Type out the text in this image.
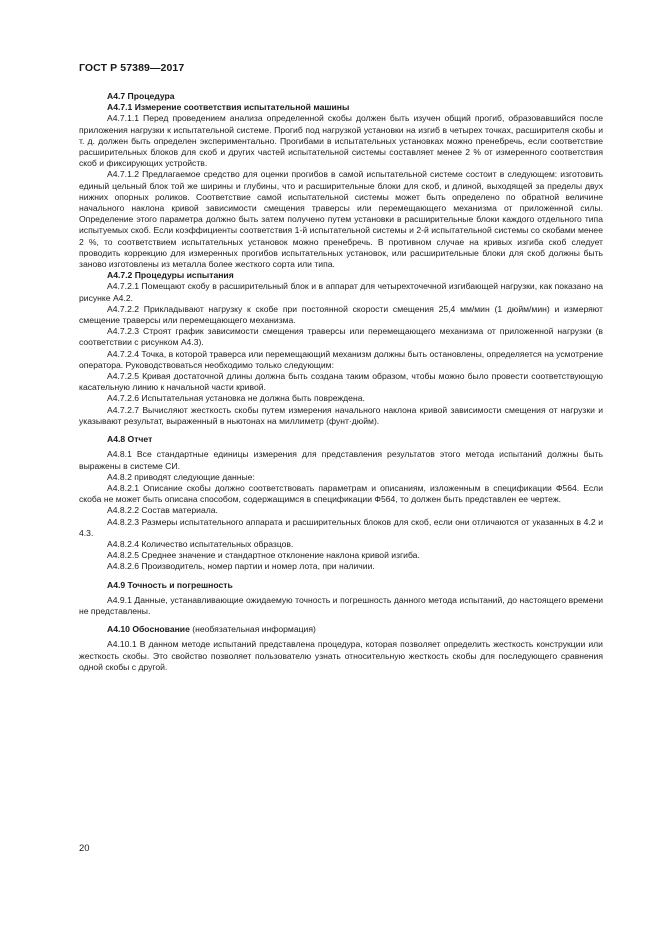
ГОСТ Р 57389—2017

А4.7 Процедура

А4.7.1 Измерение соответствия испытательной машины

А4.7.1.1 Перед проведением анализа определенной скобы должен быть изучен общий прогиб, образовавшийся после приложения нагрузки к испытательной системе. Прогиб под нагрузкой установки на изгиб в четырех точках, расширителя скобы и т. д. должен быть определен экспериментально. Прогибами в испытательных установках можно пренебречь, если соответствие расширительных блоков для скоб и других частей испытательной системы составляет менее 2 % от измеренного соответствия скоб и фиксирующих устройств.

А4.7.1.2 Предлагаемое средство для оценки прогибов в самой испытательной системе состоит в следующем: изготовить единый цельный блок той же ширины и глубины, что и расширительные блоки для скоб, и длиной, выходящей за пределы двух нижних опорных роликов. Соответствие самой испытательной системы может быть определено по обратной величине начального наклона кривой зависимости смещения траверсы или перемещающего механизма от приложенной силы. Определение этого параметра должно быть затем получено путем установки в расширительные блоки каждого отдельного типа испытуемых скоб. Если коэффициенты соответствия 1-й испытательной системы и 2-й испытательной системы со скобами менее 2 %, то соответствием испытательных установок можно пренебречь. В противном случае на кривых изгиба скоб следует проводить коррекцию для измеренных прогибов испытательных установок, или расширительные блоки для скоб должны быть заново изготовлены из металла более жесткого сорта или типа.

А4.7.2 Процедуры испытания

А4.7.2.1 Помещают скобу в расширительный блок и в аппарат для четырехточечной изгибающей нагрузки, как показано на рисунке А4.2.

А4.7.2.2 Прикладывают нагрузку к скобе при постоянной скорости смещения 25,4 мм/мин (1 дюйм/мин) и измеряют смещение траверсы или перемещающего механизма.

А4.7.2.3 Строят график зависимости смещения траверсы или перемещающего механизма от приложенной нагрузки (в соответствии с рисунком А4.3).

А4.7.2.4 Точка, в которой траверса или перемещающий механизм должны быть остановлены, определяется на усмотрение оператора. Руководствоваться необходимо только следующим:

А4.7.2.5 Кривая достаточной длины должна быть создана таким образом, чтобы можно было провести соответствующую касательную линию к начальной части кривой.

А4.7.2.6 Испытательная установка не должна быть повреждена.

А4.7.2.7 Вычисляют жесткость скобы путем измерения начального наклона кривой зависимости смещения от нагрузки и указывают результат, выраженный в ньютонах на миллиметр (фунт·дюйм).

А4.8 Отчет

А4.8.1 Все стандартные единицы измерения для представления результатов этого метода испытаний должны быть выражены в системе СИ.

А4.8.2 приводят следующие данные:

А4.8.2.1 Описание скобы должно соответствовать параметрам и описаниям, изложенным в спецификации Ф564. Если скоба не может быть описана способом, содержащимся в спецификации Ф564, то должен быть представлен ее чертеж.

А4.8.2.2 Состав материала.

А4.8.2.3 Размеры испытательного аппарата и расширительных блоков для скоб, если они отличаются от указанных в 4.2 и 4.3.

А4.8.2.4 Количество испытательных образцов.

А4.8.2.5 Среднее значение и стандартное отклонение наклона кривой изгиба.

А4.8.2.6 Производитель, номер партии и номер лота, при наличии.

А4.9 Точность и погрешность

А4.9.1 Данные, устанавливающие ожидаемую точность и погрешность данного метода испытаний, до настоящего времени не представлены.

А4.10 Обоснование (необязательная информация)

А4.10.1 В данном методе испытаний представлена процедура, которая позволяет определить жесткость конструкции или жесткость скобы. Это свойство позволяет пользователю узнать относительную жесткость скобы для последующего сравнения одной скобы с другой.

20
